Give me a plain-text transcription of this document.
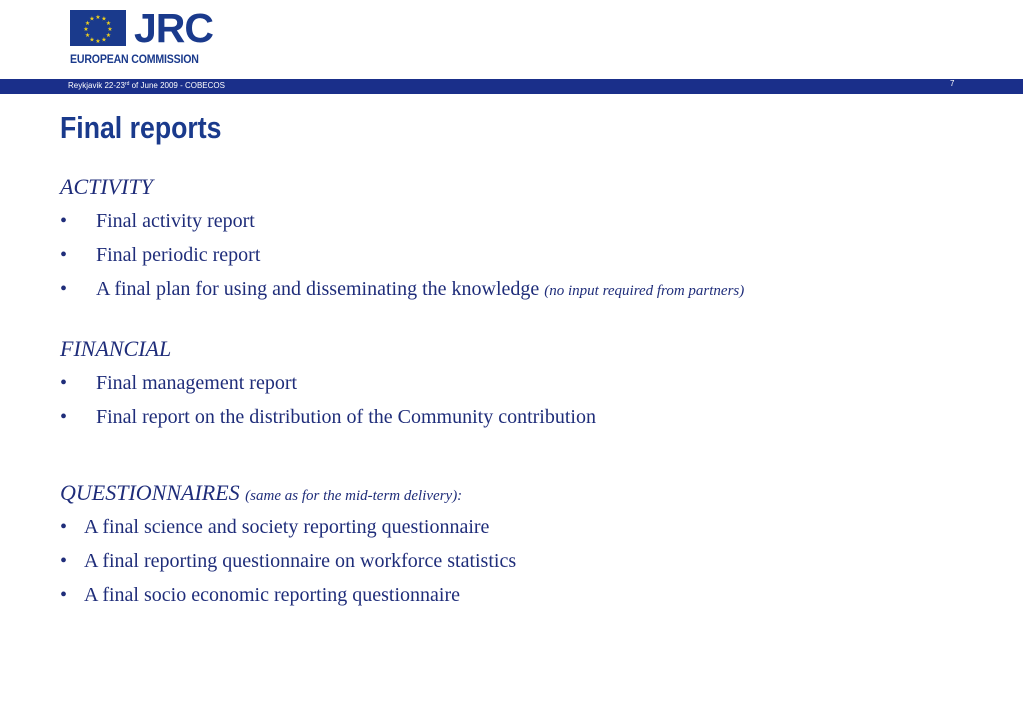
★ ★
★
★
★
★
★
★
★
★
★
★ JRC
EUROPEAN COMMISSION
Reykjavik 22-23rd of June 2009 - COBECOS	7
Final reports
ACTIVITY
• Final activity report
• Final periodic report
• A final plan for using and disseminating the knowledge (no input required from partners)
FINANCIAL
• Final management report
• Final report on the distribution of the Community contribution
QUESTIONNAIRES (same as for the mid-term delivery):
• A final science and society reporting questionnaire
• A final reporting questionnaire on workforce statistics
• A final socio economic reporting questionnaire
